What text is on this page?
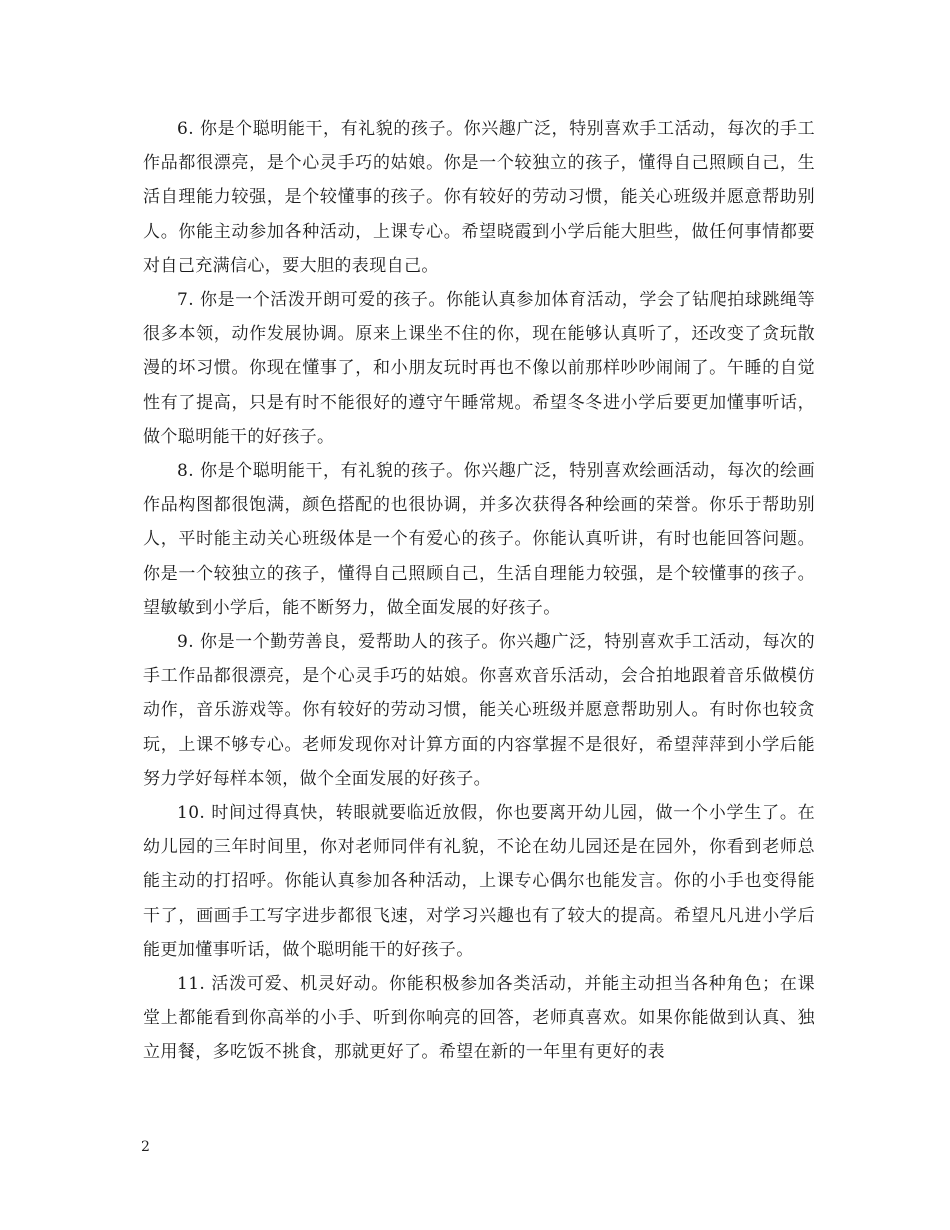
6. 你是个聪明能干，有礼貌的孩子。你兴趣广泛，特别喜欢手工活动，每次的手工作品都很漂亮，是个心灵手巧的姑娘。你是一个较独立的孩子，懂得自己照顾自己，生活自理能力较强，是个较懂事的孩子。你有较好的劳动习惯，能关心班级并愿意帮助别人。你能主动参加各种活动，上课专心。希望晓霞到小学后能大胆些，做任何事情都要对自己充满信心，要大胆的表现自己。

7. 你是一个活泼开朗可爱的孩子。你能认真参加体育活动，学会了钻爬拍球跳绳等很多本领，动作发展协调。原来上课坐不住的你，现在能够认真听了，还改变了贪玩散漫的坏习惯。你现在懂事了，和小朋友玩时再也不像以前那样吵吵闹闹了。午睡的自觉性有了提高，只是有时不能很好的遵守午睡常规。希望冬冬进小学后要更加懂事听话，做个聪明能干的好孩子。

8. 你是个聪明能干，有礼貌的孩子。你兴趣广泛，特别喜欢绘画活动，每次的绘画作品构图都很饱满，颜色搭配的也很协调，并多次获得各种绘画的荣誉。你乐于帮助别人，平时能主动关心班级体是一个有爱心的孩子。你能认真听讲，有时也能回答问题。你是一个较独立的孩子，懂得自己照顾自己，生活自理能力较强，是个较懂事的孩子。望敏敏到小学后，能不断努力，做全面发展的好孩子。

9. 你是一个勤劳善良，爱帮助人的孩子。你兴趣广泛，特别喜欢手工活动，每次的手工作品都很漂亮，是个心灵手巧的姑娘。你喜欢音乐活动，会合拍地跟着音乐做模仿动作，音乐游戏等。你有较好的劳动习惯，能关心班级并愿意帮助别人。有时你也较贪玩，上课不够专心。老师发现你对计算方面的内容掌握不是很好，希望萍萍到小学后能努力学好每样本领，做个全面发展的好孩子。

10. 时间过得真快，转眼就要临近放假，你也要离开幼儿园，做一个小学生了。在幼儿园的三年时间里，你对老师同伴有礼貌，不论在幼儿园还是在园外，你看到老师总能主动的打招呼。你能认真参加各种活动，上课专心偶尔也能发言。你的小手也变得能干了，画画手工写字进步都很飞速，对学习兴趣也有了较大的提高。希望凡凡进小学后能更加懂事听话，做个聪明能干的好孩子。

11. 活泼可爱、机灵好动。你能积极参加各类活动，并能主动担当各种角色；在课堂上都能看到你高举的小手、听到你响亮的回答，老师真喜欢。如果你能做到认真、独立用餐，多吃饭不挑食，那就更好了。希望在新的一年里有更好的表

2
